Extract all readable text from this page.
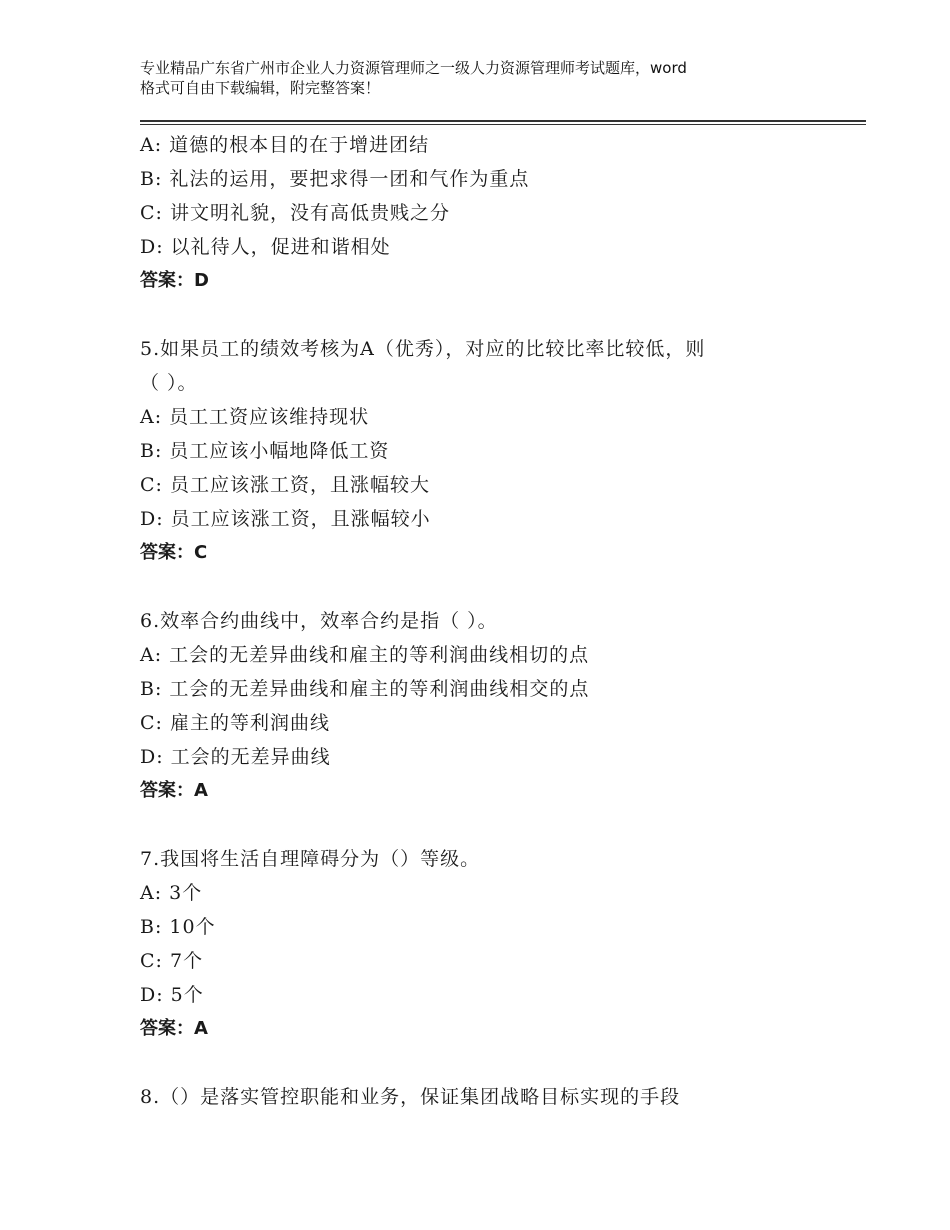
专业精品广东省广州市企业人力资源管理师之一级人力资源管理师考试题库，word
格式可自由下载编辑，附完整答案！
A: 道德的根本目的在于增进团结
B: 礼法的运用，要把求得一团和气作为重点
C: 讲文明礼貌，没有高低贵贱之分
D: 以礼待人，促进和谐相处
答案：D
5.如果员工的绩效考核为A（优秀），对应的比较比率比较低，则
（ ）。
A: 员工工资应该维持现状
B: 员工应该小幅地降低工资
C: 员工应该涨工资，且涨幅较大
D: 员工应该涨工资，且涨幅较小
答案：C
6.效率合约曲线中，效率合约是指（ ）。
A: 工会的无差异曲线和雇主的等利润曲线相切的点
B: 工会的无差异曲线和雇主的等利润曲线相交的点
C: 雇主的等利润曲线
D: 工会的无差异曲线
答案：A
7.我国将生活自理障碍分为（）等级。
A: 3个
B: 10个
C: 7个
D: 5个
答案：A
8.（）是落实管控职能和业务，保证集团战略目标实现的手段
